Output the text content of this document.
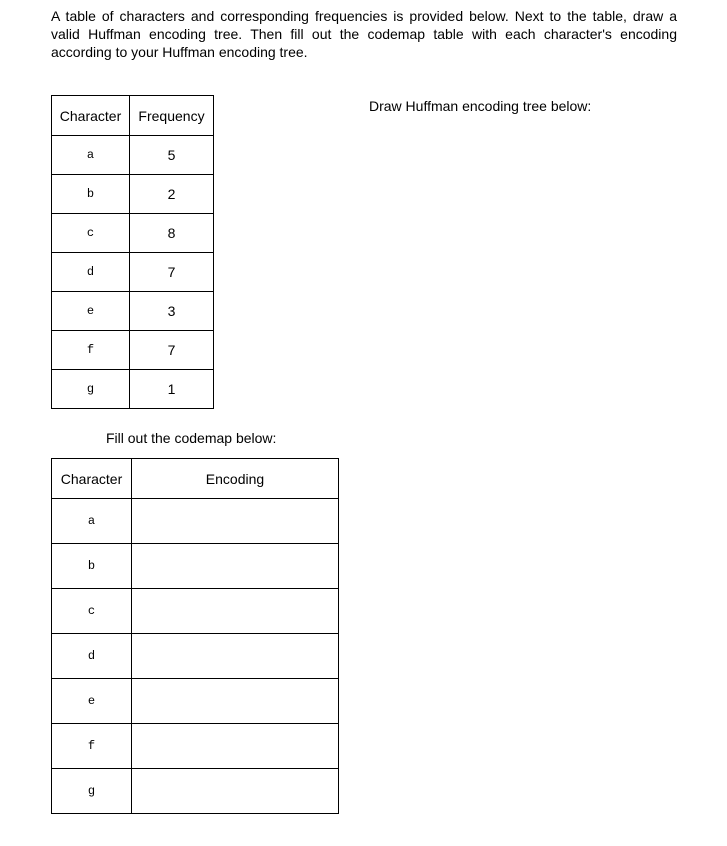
A table of characters and corresponding frequencies is provided below. Next to the table, draw a valid Huffman encoding tree. Then fill out the codemap table with each character's encoding according to your Huffman encoding tree.

Character	Frequency
a	5
b	2
c	8
d	7
e	3
f	7
g	1

Draw Huffman encoding tree below:

Fill out the codemap below:

Character	Encoding
a	
b	
c	
d	
e	
f	
g	
